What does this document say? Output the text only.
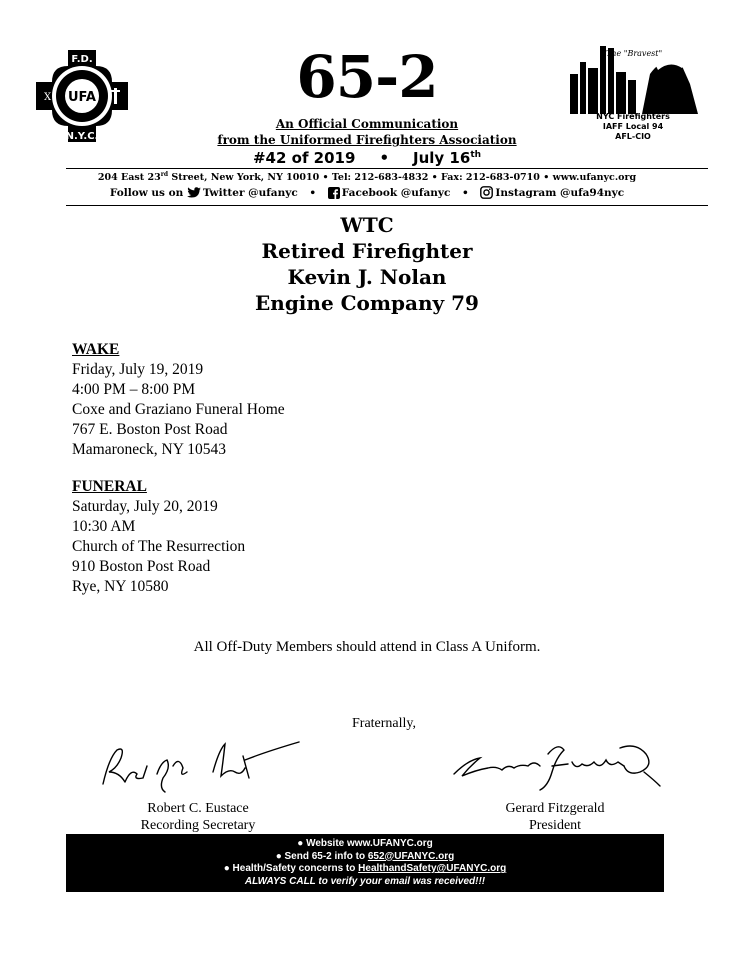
F.D.
N.Y.C.
UFA
X	65-2
An Official Communication
from the Uniformed Firefighters Association
#42 of 2019 • July 16th
The "Bravest"
NYC Firefighters
IAFF Local 94
AFL-CIO
204 East 23rd Street, New York, NY 10010 • Tel: 212-683-4832 • Fax: 212-683-0710 • www.ufanyc.org
Follow us on Twitter @ufanyc • Facebook @ufanyc •	Instagram @ufa94nyc
WTC
Retired Firefighter
Kevin J. Nolan
Engine Company 79
WAKE
Friday, July 19, 2019
4:00 PM – 8:00 PM
Coxe and Graziano Funeral Home
767 E. Boston Post Road
Mamaroneck, NY 10543
FUNERAL
Saturday, July 20, 2019
10:30 AM
Church of The Resurrection
910 Boston Post Road
Rye, NY 10580
All Off-Duty Members should attend in Class A Uniform.
Fraternally,
Robert C. Eustace
Recording Secretary
Gerard Fitzgerald
President
● Website www.UFANYC.org
● Send 65-2 info to 652@UFANYC.org
● Health/Safety concerns to HealthandSafety@UFANYC.org
ALWAYS CALL to verify your email was received!!!
